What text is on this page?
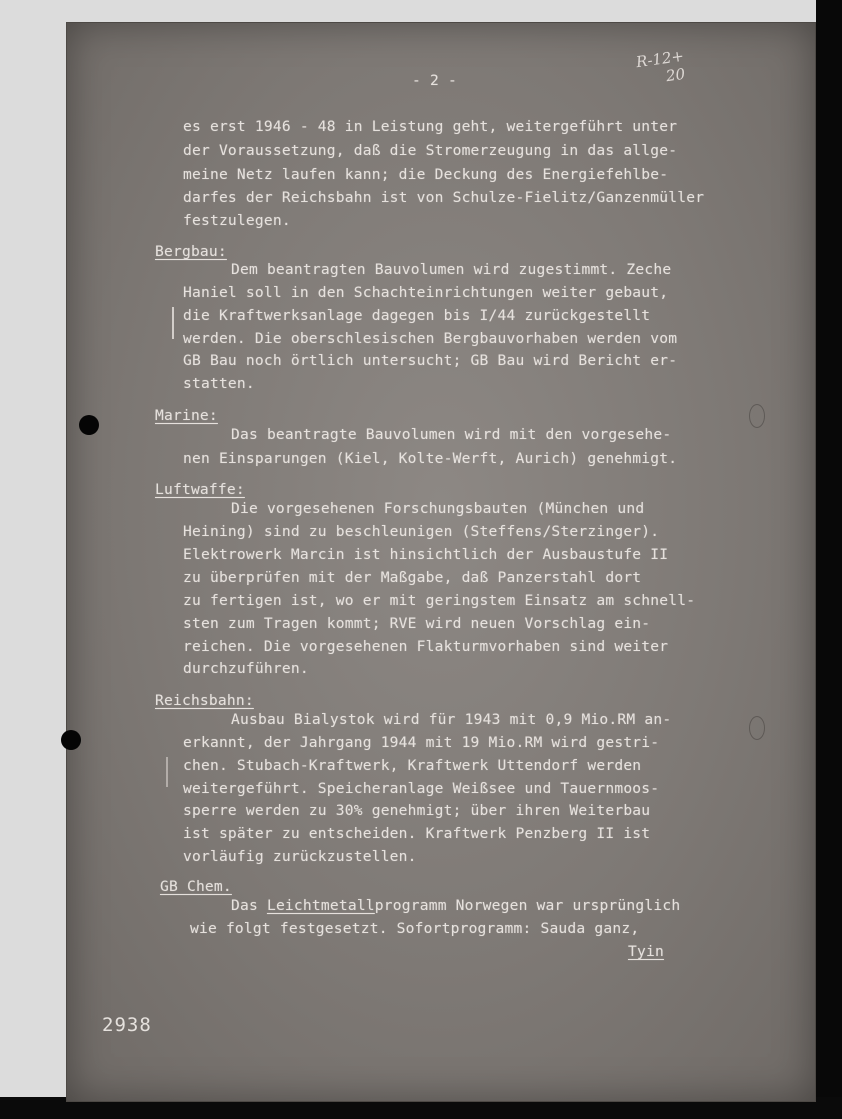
- 2 -
R-12+
20
es erst 1946 - 48 in Leistung geht, weitergeführt unter
der Voraussetzung, daß die Stromerzeugung in das allge-
meine Netz laufen kann; die Deckung des Energiefehlbe-
darfes der Reichsbahn ist von Schulze-Fielitz/Ganzenmüller
festzulegen.
Bergbau:
Dem beantragten Bauvolumen wird zugestimmt. Zeche
Haniel soll in den Schachteinrichtungen weiter gebaut,
die Kraftwerksanlage dagegen bis I/44 zurückgestellt
werden. Die oberschlesischen Bergbauvorhaben werden vom
GB Bau noch örtlich untersucht; GB Bau wird Bericht er-
statten.
Marine:
Das beantragte Bauvolumen wird mit den vorgesehe-
nen Einsparungen (Kiel, Kolte-Werft, Aurich) genehmigt.
Luftwaffe:
Die vorgesehenen Forschungsbauten (München und
Heining) sind zu beschleunigen (Steffens/Sterzinger).
Elektrowerk Marcin ist hinsichtlich der Ausbaustufe II
zu überprüfen mit der Maßgabe, daß Panzerstahl dort
zu fertigen ist, wo er mit geringstem Einsatz am schnell-
sten zum Tragen kommt; RVE wird neuen Vorschlag ein-
reichen. Die vorgesehenen Flakturmvorhaben sind weiter
durchzuführen.
Reichsbahn:
Ausbau Bialystok wird für 1943 mit 0,9 Mio.RM an-
erkannt, der Jahrgang 1944 mit 19 Mio.RM wird gestri-
chen. Stubach-Kraftwerk, Kraftwerk Uttendorf werden
weitergeführt. Speicheranlage Weißsee und Tauernmoos-
sperre werden zu 30% genehmigt; über ihren Weiterbau
ist später zu entscheiden. Kraftwerk Penzberg II ist
vorläufig zurückzustellen.
GB Chem.
Das Leichtmetallprogramm Norwegen war ursprünglich
wie folgt festgesetzt. Sofortprogramm: Sauda ganz,
Tyin
2938
